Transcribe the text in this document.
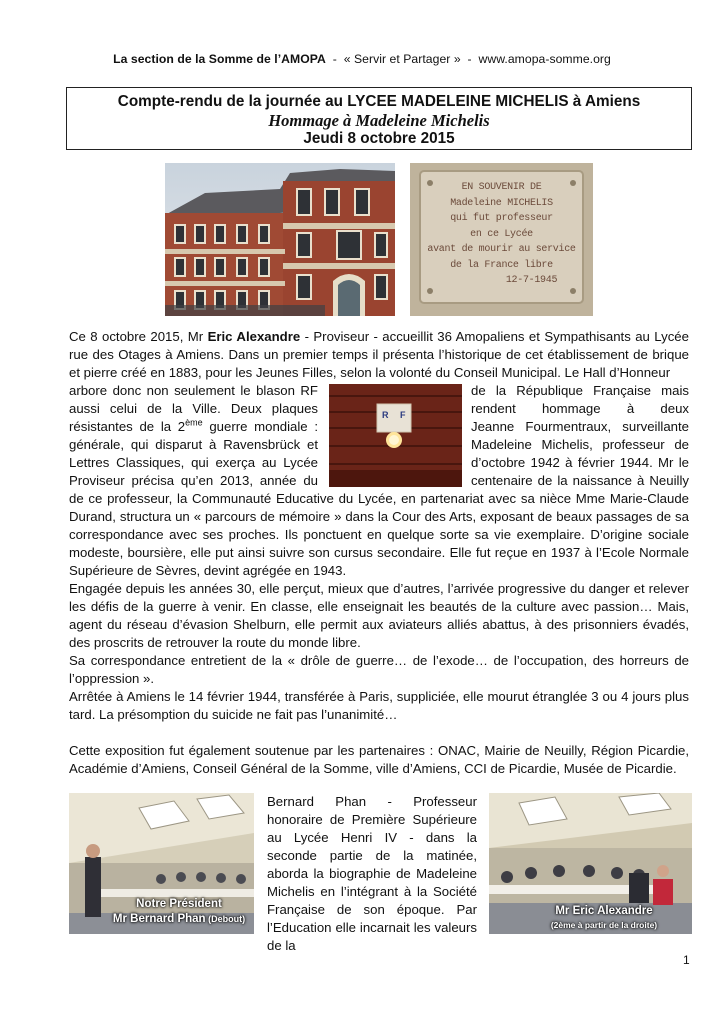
La section de la Somme de l’AMOPA  -  « Servir et Partager »  -  www.amopa-somme.org
Compte-rendu de la journée au LYCEE MADELEINE MICHELIS à Amiens
Hommage à Madeleine Michelis
Jeudi 8 octobre 2015
EN SOUVENIR DE
Madeleine MICHELIS
qui fut professeur
en ce Lycée
avant de mourir au service
de la France libre
12-7-1945
Ce 8 octobre 2015, Mr Eric Alexandre - Proviseur - accueillit 36 Amopaliens et Sympathisants au Lycée rue des Otages à Amiens. Dans un premier temps il présenta l’historique de cet établissement de brique et pierre créé en 1883, pour les Jeunes Filles, selon la volonté du Conseil Municipal. Le Hall d’Honneur
arbore donc non seulement le blason RF
aussi celui de la Ville. Deux plaques
résistantes de la 2ème guerre mondiale :
générale, qui disparut à Ravensbrück et
Lettres Classiques, qui exerça au Lycée
Proviseur précisa qu’en 2013, année du
R F
de la République Française mais
rendent hommage à deux
Jeanne Fourmentraux, surveillante
Madeleine Michelis, professeur de
d’octobre 1942 à février 1944. Mr le
centenaire de la naissance à Neuilly

de ce professeur, la Communauté Educative du Lycée, en partenariat avec sa nièce Mme Marie-Claude Durand, structura un « parcours de mémoire » dans la Cour des Arts, exposant de beaux passages de sa correspondance avec ses proches. Ils ponctuent en quelque sorte sa vie exemplaire. D’origine sociale modeste, boursière, elle put ainsi suivre son cursus secondaire. Elle fut reçue en 1937 à l’Ecole Normale Supérieure de Sèvres, devint agrégée en 1943.

Engagée depuis les années 30, elle perçut, mieux que d’autres, l’arrivée progressive du danger et relever les défis de la guerre à venir. En classe, elle enseignait les beautés de la culture avec passion… Mais, agent du réseau d’évasion Shelburn, elle permit aux aviateurs alliés abattus, à des prisonniers évadés, des proscrits de retrouver la route du monde libre.

Sa correspondance entretient de la « drôle de guerre… de l’exode… de l’occupation, des horreurs de l’oppression ».

Arrêtée à Amiens le 14 février 1944, transférée à Paris, suppliciée, elle mourut étranglée 3 ou 4 jours plus tard. La présomption du suicide ne fait pas l’unanimité…

Cette exposition fut également soutenue par les partenaires : ONAC, Mairie de Neuilly, Région Picardie, Académie d’Amiens, Conseil Général de la Somme, ville d’Amiens, CCI de Picardie, Musée de Picardie.

Notre Président
Mr Bernard Phan (Debout)

Bernard Phan - Professeur honoraire de Première Supérieure au Lycée Henri IV - dans la seconde partie de la matinée, aborda la biographie de Madeleine Michelis en l’intégrant à la Société Française de son époque. Par l’Education elle incarnait les valeurs de la

Mr Eric Alexandre
(2ème à partir de la droite)
1
